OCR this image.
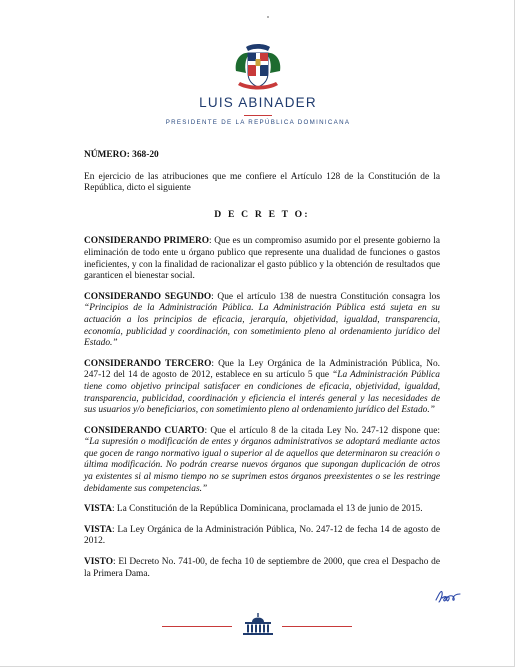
LUIS ABINADER
PRESIDENTE DE LA REPÚBLICA DOMINICANA
NÚMERO: 368-20

En ejercicio de las atribuciones que me confiere el Artículo 128 de la Constitución de la República, dicto el siguiente

D E C R E T O:

CONSIDERANDO PRIMERO: Que es un compromiso asumido por el presente gobierno la eliminación de todo ente u órgano publico que represente una dualidad de funciones o gastos ineficientes, y con la finalidad de racionalizar el gasto público y la obtención de resultados que garanticen el bienestar social.

CONSIDERANDO SEGUNDO: Que el artículo 138 de nuestra Constitución consagra los “Principios de la Administración Pública. La Administración Pública está sujeta en su actuación a los principios de eficacia, jerarquía, objetividad, igualdad, transparencia, economía, publicidad y coordinación, con sometimiento pleno al ordenamiento jurídico del Estado.”

CONSIDERANDO TERCERO: Que la Ley Orgánica de la Administración Pública, No. 247-12 del 14 de agosto de 2012, establece en su artículo 5 que “La Administración Pública tiene como objetivo principal satisfacer en condiciones de eficacia, objetividad, igualdad, transparencia, publicidad, coordinación y eficiencia el interés general y las necesidades de sus usuarios y/o beneficiarios, con sometimiento pleno al ordenamiento jurídico del Estado.”

CONSIDERANDO CUARTO: Que el artículo 8 de la citada Ley No. 247-12 dispone que: “La supresión o modificación de entes y órganos administrativos se adoptará mediante actos que gocen de rango normativo igual o superior al de aquellos que determinaron su creación o última modificación. No podrán crearse nuevos órganos que supongan duplicación de otros ya existentes si al mismo tiempo no se suprimen estos órganos preexistentes o se les restringe debidamente sus competencias.”

VISTA: La Constitución de la República Dominicana, proclamada el 13 de junio de 2015.

VISTA: La Ley Orgánica de la Administración Pública, No. 247-12 de fecha 14 de agosto de 2012.

VISTO: El Decreto No. 741-00, de fecha 10 de septiembre de 2000, que crea el Despacho de la Primera Dama.
